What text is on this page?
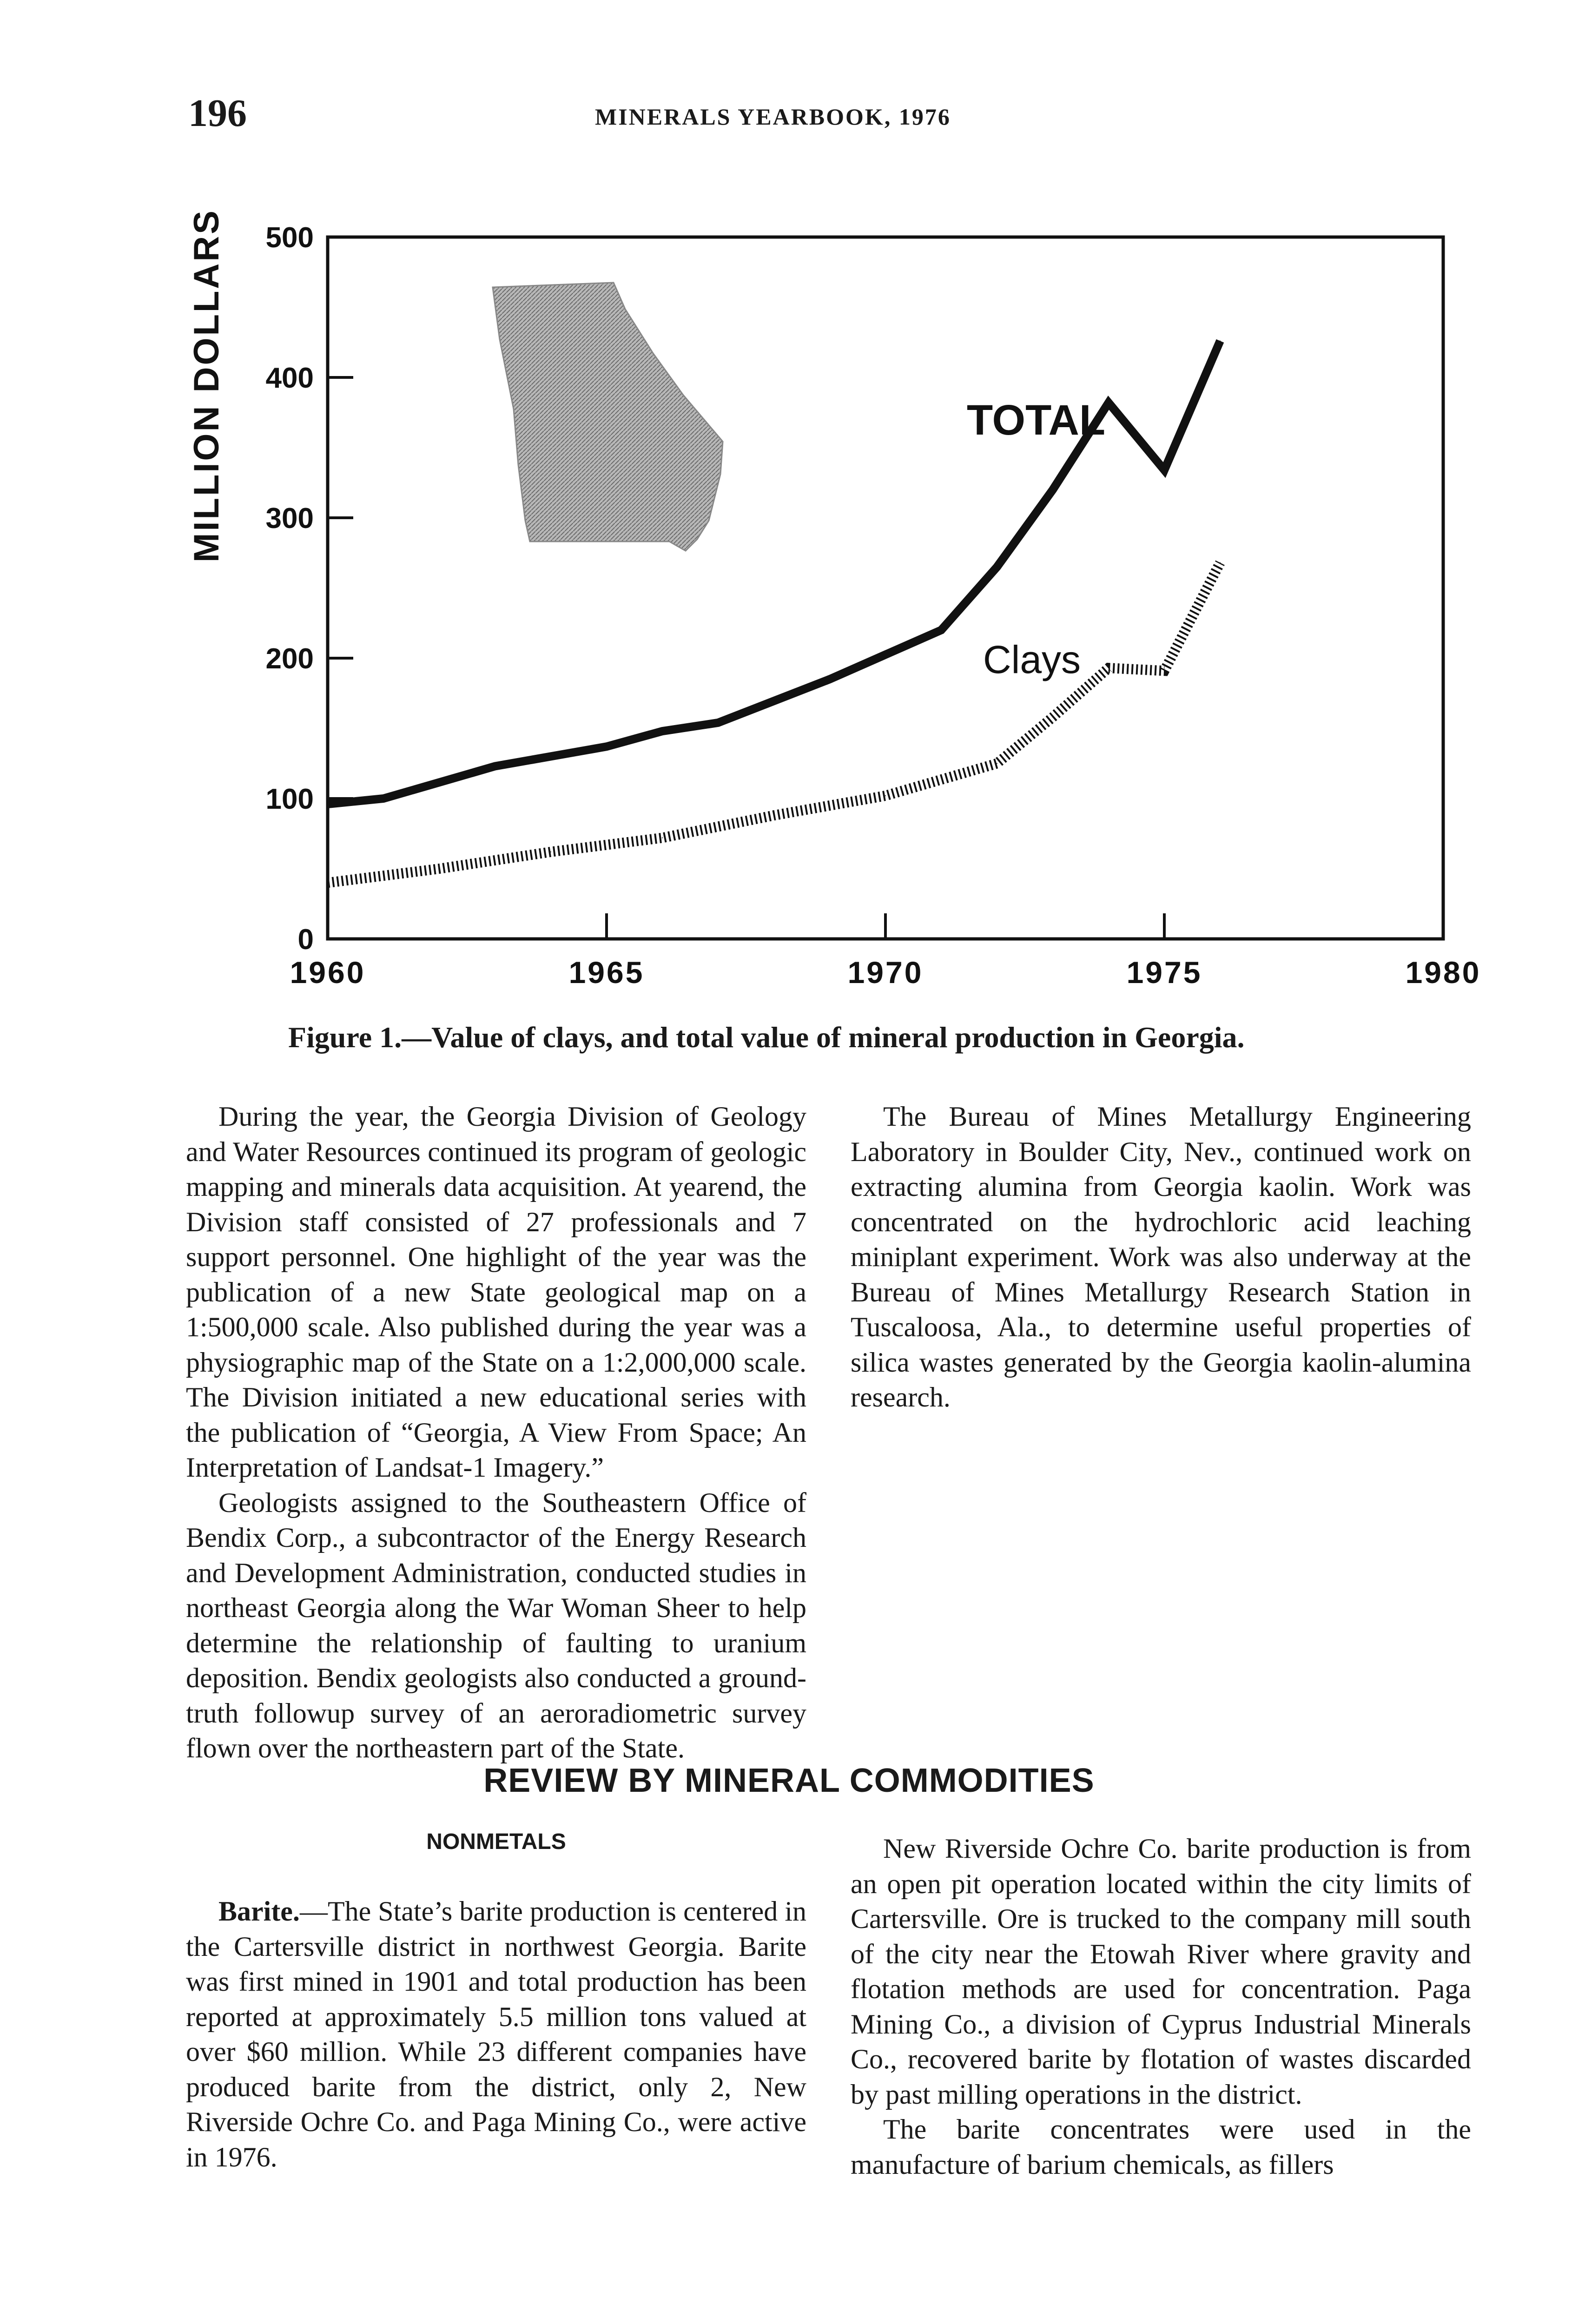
196	MINERALS YEARBOOK, 1976
0
100
200
300
400
500
1960	1965	1970	1975	1980
TOTAL
Clays
MILLION DOLLARS
Figure 1.—Value of clays, and total value of mineral production in Georgia.

During the year, the Georgia Division of Geology and Water Resources continued its program of geologic mapping and minerals data acquisition. At yearend, the Division staff consisted of 27 professionals and 7 support personnel. One highlight of the year was the publication of a new State geological map on a 1:500,000 scale. Also published during the year was a physiographic map of the State on a 1:2,000,000 scale. The Division initiated a new educational series with the publication of “Georgia, A View From Space; An Interpretation of Landsat-1 Imagery.”

Geologists assigned to the Southeastern Office of Bendix Corp., a subcontractor of the Energy Research and Development Administration, conducted studies in northeast Georgia along the War Woman Sheer to help determine the relationship of faulting to uranium deposition. Bendix geologists also conducted a ground-truth followup survey of an aeroradiometric survey flown over the northeastern part of the State.

The Bureau of Mines Metallurgy Engineering Laboratory in Boulder City, Nev., continued work on extracting alumina from Georgia kaolin. Work was concentrated on the hydrochloric acid leaching miniplant experiment. Work was also underway at the Bureau of Mines Metallurgy Research Station in Tuscaloosa, Ala., to determine useful properties of silica wastes generated by the Georgia kaolin-alumina research.

REVIEW BY MINERAL COMMODITIES
NONMETALS

Barite.—The State’s barite production is centered in the Cartersville district in northwest Georgia. Barite was first mined in 1901 and total production has been reported at approximately 5.5 million tons valued at over $60 million. While 23 different companies have produced barite from the district, only 2, New Riverside Ochre Co. and Paga Mining Co., were active in 1976.

New Riverside Ochre Co. barite production is from an open pit operation located within the city limits of Cartersville. Ore is trucked to the company mill south of the city near the Etowah River where gravity and flotation methods are used for concentration. Paga Mining Co., a division of Cyprus Industrial Minerals Co., recovered barite by flotation of wastes discarded by past milling operations in the district.

The barite concentrates were used in the manufacture of barium chemicals, as fillers
